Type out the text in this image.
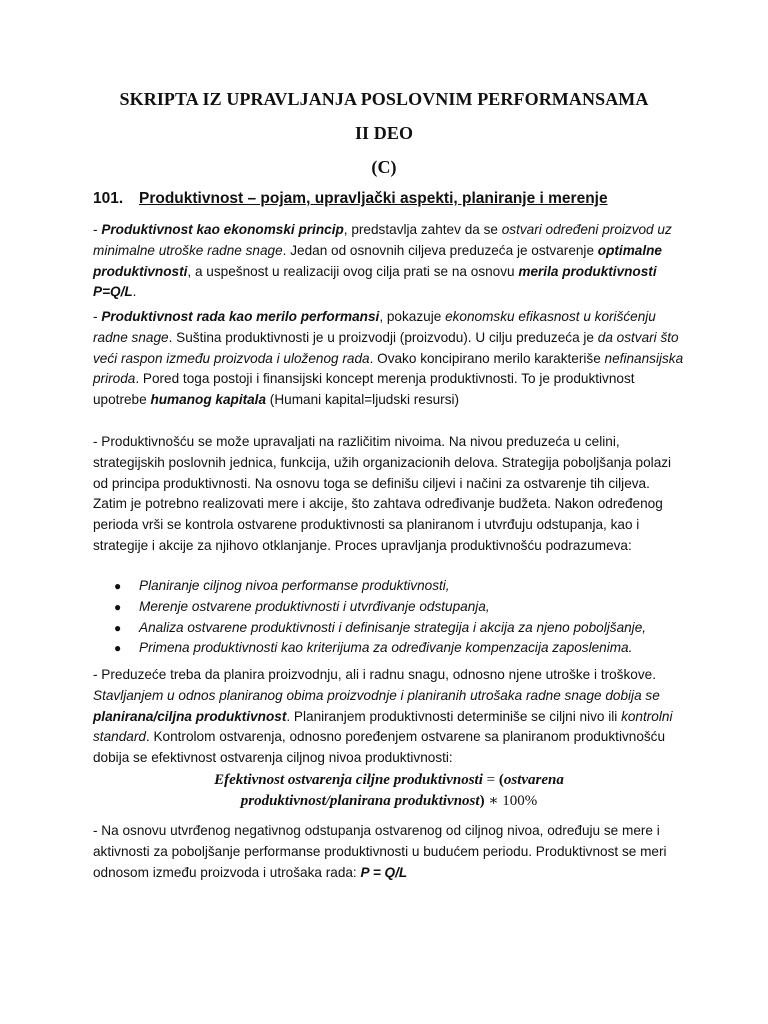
SKRIPTA IZ UPRAVLJANJA POSLOVNIM PERFORMANSAMA
II DEO
(C)
101. Produktivnost – pojam, upravljački aspekti, planiranje i merenje
- Produktivnost kao ekonomski princip, predstavlja zahtev da se ostvari određeni proizvod uz minimalne utroške radne snage. Jedan od osnovnih ciljeva preduzeća je ostvarenje optimalne produktivnosti, a uspešnost u realizaciji ovog cilja prati se na osnovu merila produktivnosti P=Q/L.
- Produktivnost rada kao merilo performansi, pokazuje ekonomsku efikasnost u korišćenju radne snage. Suština produktivnosti je u proizvodji (proizvodu). U cilju preduzeća je da ostvari što veći raspon između proizvoda i uloženog rada. Ovako koncipirano merilo karakteriše nefinansijska priroda. Pored toga postoji i finansijski koncept merenja produktivnosti. To je produktivnost upotrebe humanog kapitala (Humani kapital=ljudski resursi)
- Produktivnošću se može upravaljati na različitim nivoima. Na nivou preduzeća u celini, strategijskih poslovnih jednica, funkcija, užih organizacionih delova. Strategija poboljšanja polazi od principa produktivnosti. Na osnovu toga se definišu ciljevi i načini za ostvarenje tih ciljeva. Zatim je potrebno realizovati mere i akcije, što zahtava određivanje budžeta. Nakon određenog perioda vrši se kontrola ostvarene produktivnosti sa planiranom i utvrđuju odstupanja, kao i strategije i akcije za njihovo otklanjanje. Proces upravljanja produktivnošću podrazumeva:
● Planiranje ciljnog nivoa performanse produktivnosti,
● Merenje ostvarene produktivnosti i utvrđivanje odstupanja,
● Analiza ostvarene produktivnosti i definisanje strategija i akcija za njeno poboljšanje,
● Primena produktivnosti kao kriterijuma za određivanje kompenzacija zaposlenima.
- Preduzeće treba da planira proizvodnju, ali i radnu snagu, odnosno njene utroške i troškove. Stavljanjem u odnos planiranog obima proizvodnje i planiranih utrošaka radne snage dobija se planirana/ciljna produktivnost. Planiranjem produktivnosti determiniše se ciljni nivo ili kontrolni standard. Kontrolom ostvarenja, odnosno poređenjem ostvarene sa planiranom produktivnošću dobija se efektivnost ostvarenja ciljnog nivoa produktivnosti:
Efektivnost ostvarenja ciljne produktivnosti = (ostvarena
produktivnost/planirana produktivnost) ∗ 100%
- Na osnovu utvrđenog negativnog odstupanja ostvarenog od ciljnog nivoa, određuju se mere i aktivnosti za poboljšanje performanse produktivnosti u budućem periodu. Produktivnost se meri odnosom između proizvoda i utrošaka rada: P = Q/L
